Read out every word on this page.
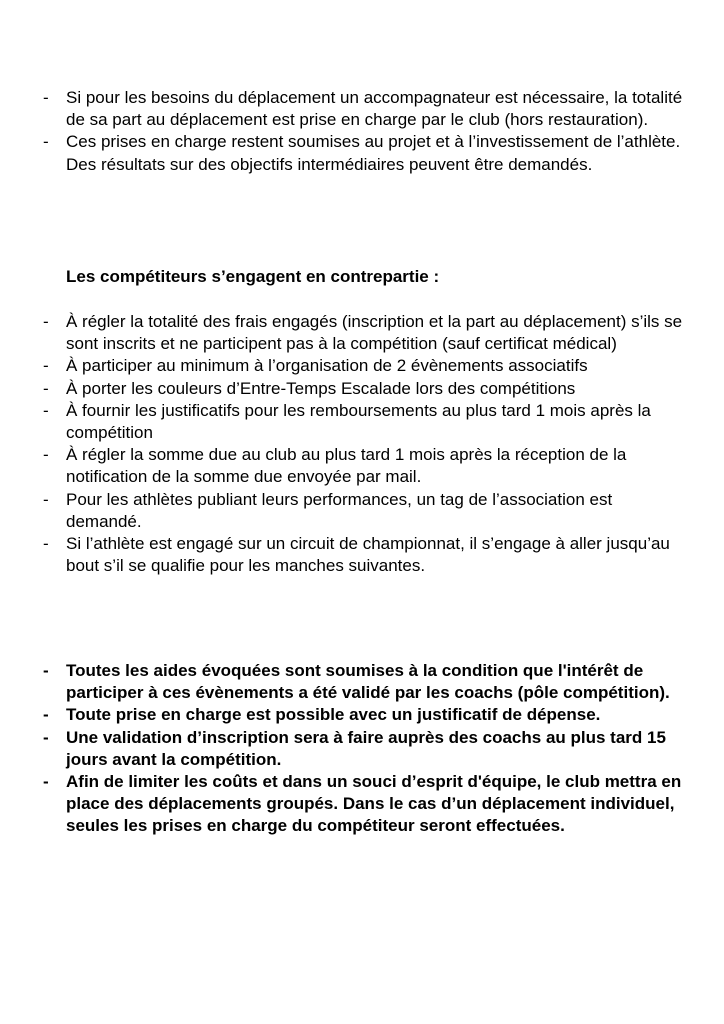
- Si pour les besoins du déplacement un accompagnateur est nécessaire, la totalité de sa part au déplacement est prise en charge par le club (hors restauration).
- Ces prises en charge restent soumises au projet et à l’investissement de l’athlète. Des résultats sur des objectifs intermédiaires peuvent être demandés.
Les compétiteurs s’engagent en contrepartie :
- À régler la totalité des frais engagés (inscription et la part au déplacement) s’ils se sont inscrits et ne participent pas à la compétition (sauf certificat médical)
- À participer au minimum à l’organisation de 2 évènements associatifs
- À porter les couleurs d’Entre-Temps Escalade lors des compétitions
- À fournir les justificatifs pour les remboursements au plus tard 1 mois après la compétition
- À régler la somme due au club au plus tard 1 mois après la réception de la notification de la somme due envoyée par mail.
- Pour les athlètes publiant leurs performances, un tag de l’association est demandé.
- Si l’athlète est engagé sur un circuit de championnat, il s’engage à aller jusqu’au bout s’il se qualifie pour les manches suivantes.
- Toutes les aides évoquées sont soumises à la condition que l'intérêt de participer à ces évènements a été validé par les coachs (pôle compétition).
- Toute prise en charge est possible avec un justificatif de dépense.
- Une validation d’inscription sera à faire auprès des coachs au plus tard 15 jours avant la compétition.
- Afin de limiter les coûts et dans un souci d’esprit d'équipe, le club mettra en place des déplacements groupés. Dans le cas d’un déplacement individuel, seules les prises en charge du compétiteur seront effectuées.
